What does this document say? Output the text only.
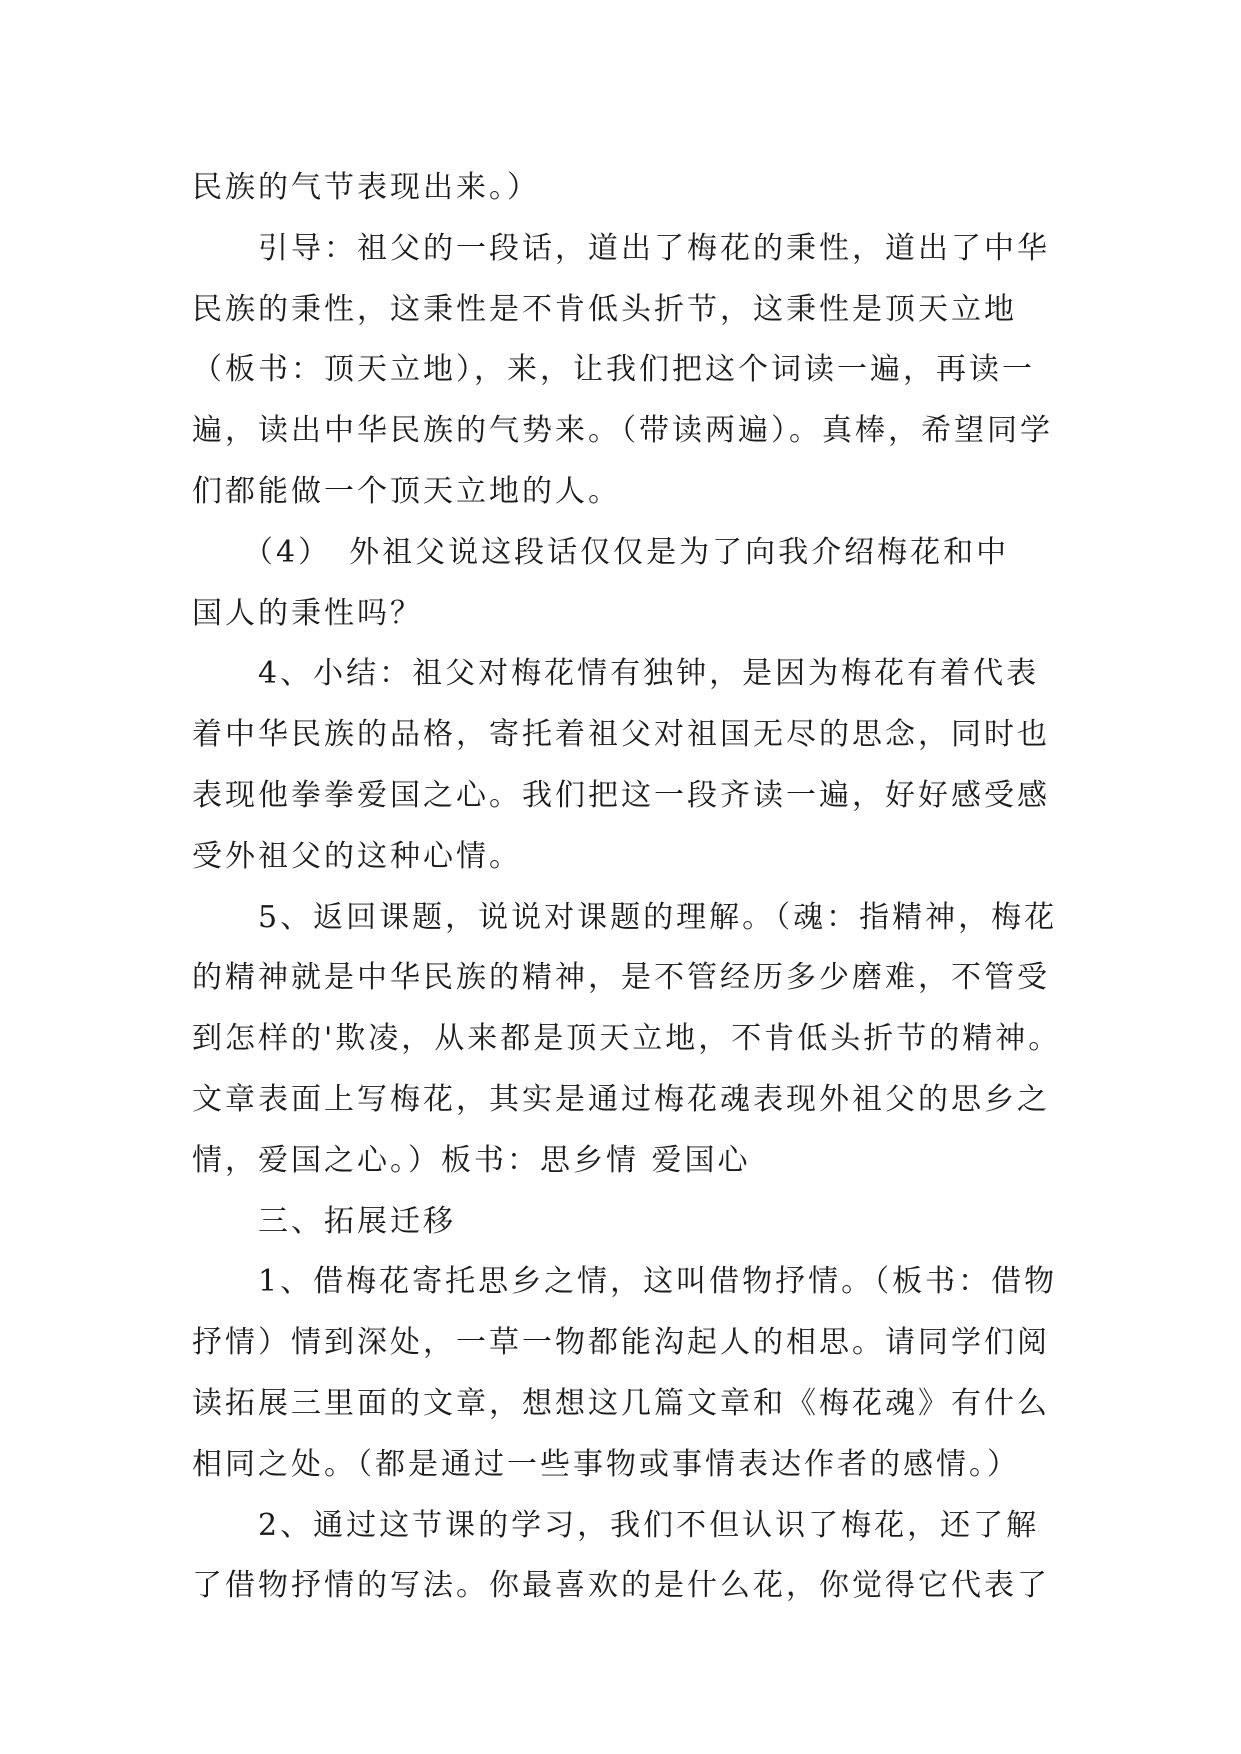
民族的气节表现出来。）
　　引导：祖父的一段话，道出了梅花的秉性，道出了中华
民族的秉性，这秉性是不肯低头折节，这秉性是顶天立地
（板书：顶天立地），来，让我们把这个词读一遍，再读一
遍，读出中华民族的气势来。（带读两遍）。真棒，希望同学
们都能做一个顶天立地的人。
　　（4）　外祖父说这段话仅仅是为了向我介绍梅花和中
国人的秉性吗？
　　4、小结：祖父对梅花情有独钟，是因为梅花有着代表
着中华民族的品格，寄托着祖父对祖国无尽的思念，同时也
表现他拳拳爱国之心。我们把这一段齐读一遍，好好感受感
受外祖父的这种心情。
　　5、返回课题，说说对课题的理解。（魂：指精神，梅花
的精神就是中华民族的精神，是不管经历多少磨难，不管受
到怎样的'欺凌，从来都是顶天立地，不肯低头折节的精神。
文章表面上写梅花，其实是通过梅花魂表现外祖父的思乡之
情，爱国之心。）板书：思乡情 爱国心
　　三、拓展迁移
　　1、借梅花寄托思乡之情，这叫借物抒情。（板书：借物
抒情）情到深处，一草一物都能沟起人的相思。请同学们阅
读拓展三里面的文章，想想这几篇文章和《梅花魂》有什么
相同之处。（都是通过一些事物或事情表达作者的感情。）
　　2、通过这节课的学习，我们不但认识了梅花，还了解
了借物抒情的写法。你最喜欢的是什么花，你觉得它代表了
